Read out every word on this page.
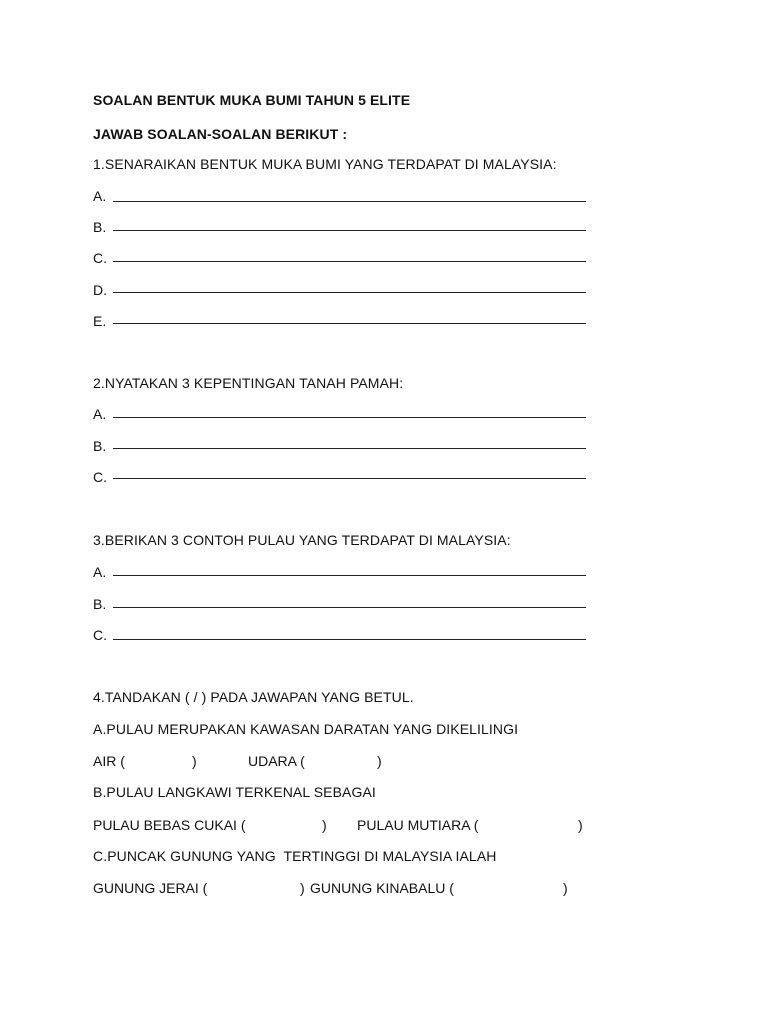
SOALAN BENTUK MUKA BUMI TAHUN 5 ELITE
JAWAB SOALAN-SOALAN BERIKUT :
1.SENARAIKAN BENTUK MUKA BUMI YANG TERDAPAT DI MALAYSIA:
A.
B.
C.
D.
E.
2.NYATAKAN 3 KEPENTINGAN TANAH PAMAH:
A.
B.
C.
3.BERIKAN 3 CONTOH PULAU YANG TERDAPAT DI MALAYSIA:
A.
B.
C.
4.TANDAKAN ( / ) PADA JAWAPAN YANG BETUL.
A.PULAU MERUPAKAN KAWASAN DARATAN YANG DIKELILINGI
AIR (	)	UDARA (	)
B.PULAU LANGKAWI TERKENAL SEBAGAI
PULAU BEBAS CUKAI (	) PULAU MUTIARA (	)
C.PUNCAK GUNUNG YANG  TERTINGGI DI MALAYSIA IALAH
GUNUNG JERAI (	) GUNUNG KINABALU (	)
